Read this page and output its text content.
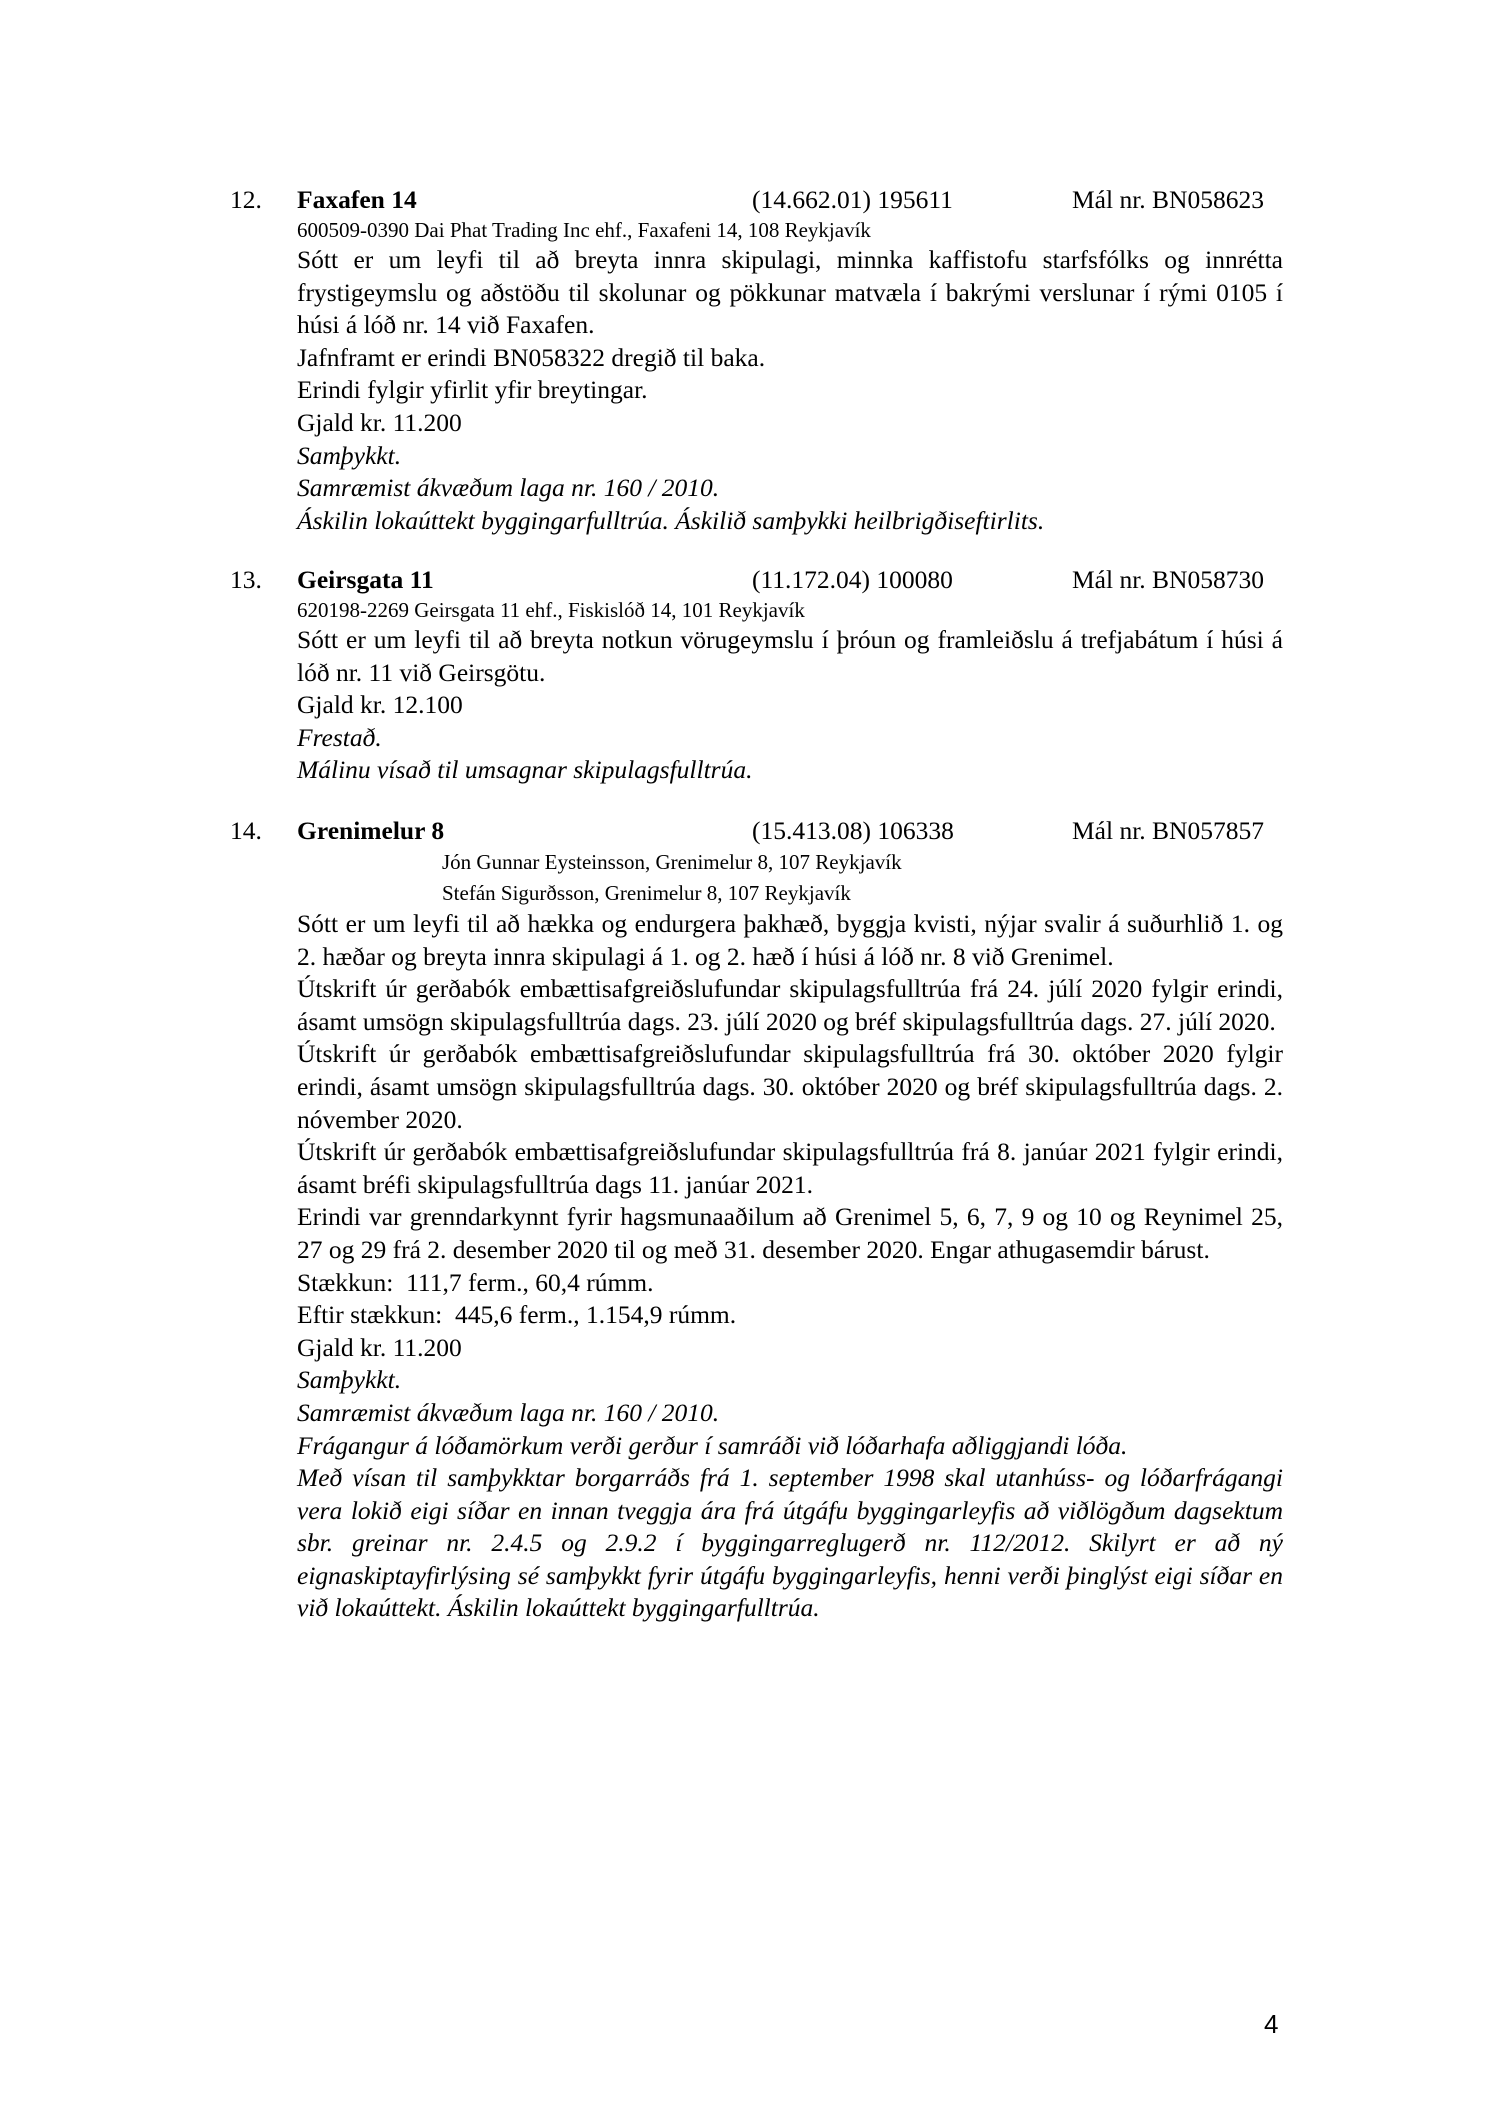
12. Faxafen 14	(14.662.01) 195611	Mál nr. BN058623
600509-0390 Dai Phat Trading Inc ehf., Faxafeni 14, 108 Reykjavík

Sótt er um leyfi til að breyta innra skipulagi, minnka kaffistofu starfsfólks og innrétta frystigeymslu og aðstöðu til skolunar og pökkunar matvæla í bakrými verslunar í rými 0105 í húsi á lóð nr. 14 við Faxafen.

Jafnframt er erindi BN058322 dregið til baka.

Erindi fylgir yfirlit yfir breytingar.

Gjald kr. 11.200

Samþykkt.

Samræmist ákvæðum laga nr. 160 / 2010.

Áskilin lokaúttekt byggingarfulltrúa. Áskilið samþykki heilbrigðiseftirlits.

13. Geirsgata 11	(11.172.04) 100080	Mál nr. BN058730
620198-2269 Geirsgata 11 ehf., Fiskislóð 14, 101 Reykjavík

Sótt er um leyfi til að breyta notkun vörugeymslu í þróun og framleiðslu á trefjabátum í húsi á lóð nr. 11 við Geirsgötu.

Gjald kr. 12.100

Frestað.

Málinu vísað til umsagnar skipulagsfulltrúa.

14. Grenimelur 8	(15.413.08) 106338	Mál nr. BN057857
Jón Gunnar Eysteinsson, Grenimelur 8, 107 Reykjavík
Stefán Sigurðsson, Grenimelur 8, 107 Reykjavík

Sótt er um leyfi til að hækka og endurgera þakhæð, byggja kvisti, nýjar svalir á suðurhlið 1. og 2. hæðar og breyta innra skipulagi á 1. og 2. hæð í húsi á lóð nr. 8 við Grenimel.

Útskrift úr gerðabók embættisafgreiðslufundar skipulagsfulltrúa frá 24. júlí 2020 fylgir erindi, ásamt umsögn skipulagsfulltrúa dags. 23. júlí 2020 og bréf skipulagsfulltrúa dags. 27. júlí 2020.

Útskrift úr gerðabók embættisafgreiðslufundar skipulagsfulltrúa frá 30. október 2020 fylgir erindi, ásamt umsögn skipulagsfulltrúa dags. 30. október 2020 og bréf skipulagsfulltrúa dags. 2. nóvember 2020.

Útskrift úr gerðabók embættisafgreiðslufundar skipulagsfulltrúa frá 8. janúar 2021 fylgir erindi, ásamt bréfi skipulagsfulltrúa dags 11. janúar 2021.

Erindi var grenndarkynnt fyrir hagsmunaaðilum að Grenimel 5, 6, 7, 9 og 10 og Reynimel 25, 27 og 29 frá 2. desember 2020 til og með 31. desember 2020. Engar athugasemdir bárust.

Stækkun:  111,7 ferm., 60,4 rúmm.

Eftir stækkun:  445,6 ferm., 1.154,9 rúmm.

Gjald kr. 11.200

Samþykkt.

Samræmist ákvæðum laga nr. 160 / 2010.

Frágangur á lóðamörkum verði gerður í samráði við lóðarhafa aðliggjandi lóða.

Með vísan til samþykktar borgarráðs frá 1. september 1998 skal utanhúss- og lóðarfrágangi vera lokið eigi síðar en innan tveggja ára frá útgáfu byggingarleyfis að viðlögðum dagsektum sbr. greinar nr. 2.4.5 og 2.9.2 í byggingarreglugerð nr. 112/2012. Skilyrt er að ný eignaskiptayfirlýsing sé samþykkt fyrir útgáfu byggingarleyfis, henni verði þinglýst eigi síðar en við lokaúttekt. Áskilin lokaúttekt byggingarfulltrúa.

4
